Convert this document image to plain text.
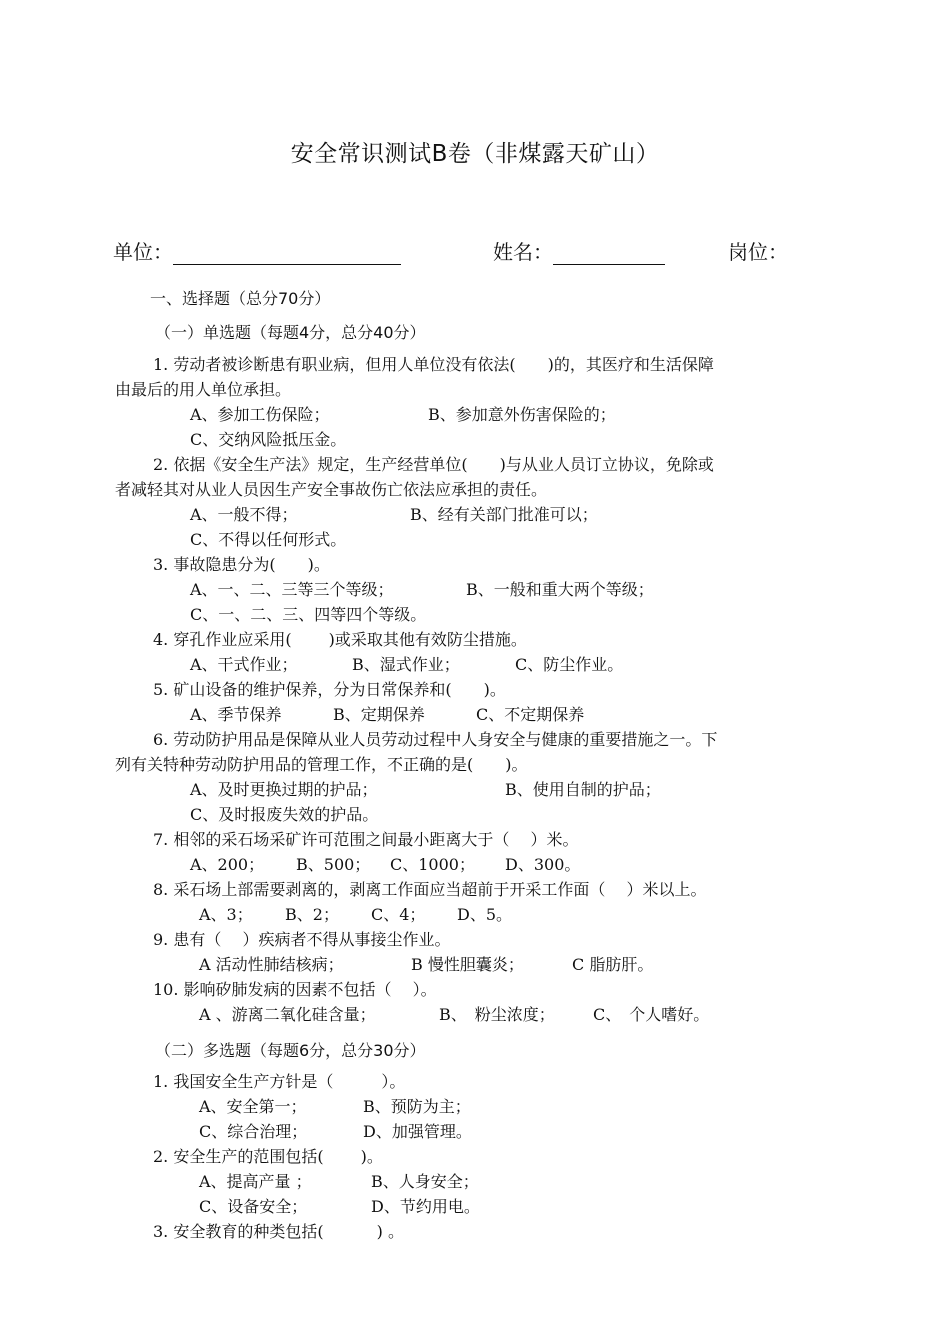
安全常识测试B卷（非煤露天矿山）
单位：	姓名：	岗位：
一、选择题（总分70分）
（一）单选题（每题4分，总分40分）
1. 劳动者被诊断患有职业病，但用人单位没有依法(　　)的，其医疗和生活保障
由最后的用人单位承担。
A、参加工伤保险；	B、参加意外伤害保险的；
C、交纳风险抵压金。
2. 依据《安全生产法》规定，生产经营单位(　　)与从业人员订立协议，免除或
者减轻其对从业人员因生产安全事故伤亡依法应承担的责任。
A、一般不得；	B、经有关部门批准可以；
C、不得以任何形式。
3. 事故隐患分为(　　)。
A、一、二、三等三个等级；	B、一般和重大两个等级；
C、一、二、三、四等四个等级。
4. 穿孔作业应采用(　　 )或采取其他有效防尘措施。
A、干式作业；	B、湿式作业；	C、防尘作业。
5. 矿山设备的维护保养，分为日常保养和(　　)。
A、季节保养	B、定期保养	C、不定期保养
6. 劳动防护用品是保障从业人员劳动过程中人身安全与健康的重要措施之一。下
列有关特种劳动防护用品的管理工作，不正确的是(　　)。
A、及时更换过期的护品；	B、使用自制的护品；
C、及时报废失效的护品。
7. 相邻的采石场采矿许可范围之间最小距离大于（　 ）米。
A、200； B、500； C、1000； D、300。
8. 采石场上部需要剥离的，剥离工作面应当超前于开采工作面（　 ）米以上。
A、3； B、2； C、4； D、5。
9. 患有（　 ）疾病者不得从事接尘作业。
A 活动性肺结核病；	B 慢性胆囊炎；	C 脂肪肝。
10. 影响矽肺发病的因素不包括（　 ）。
A 、游离二氧化硅含量；	B、　粉尘浓度； C、　个人嗜好。
（二）多选题（每题6分，总分30分）
1. 我国安全生产方针是（　　　）。
A、安全第一；	B、预防为主；
C、综合治理；	D、加强管理。
2. 安全生产的范围包括(　　 )。
A、提高产量 ；	B、人身安全；
C、设备安全；	D、节约用电。
3. 安全教育的种类包括(　　　 ) 。
